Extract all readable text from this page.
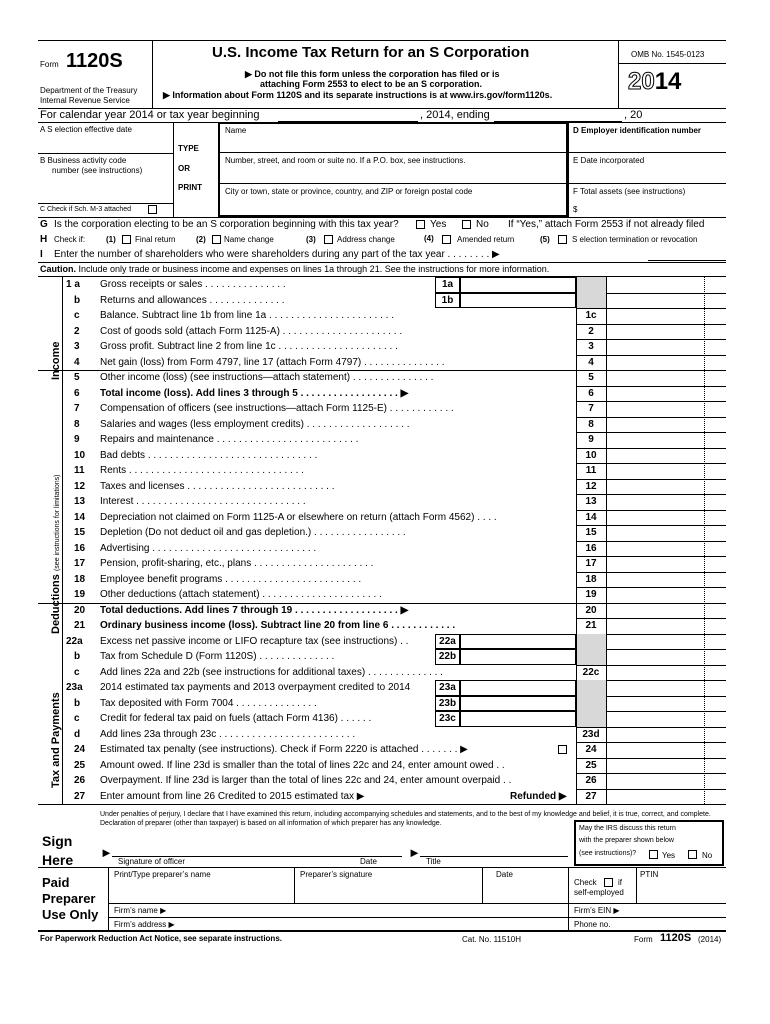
Form 1120S
Department of the Treasury
Internal Revenue Service
U.S. Income Tax Return for an S Corporation
▶ Do not file this form unless the corporation has filed or is
attaching Form 2553 to elect to be an S corporation.
▶ Information about Form 1120S and its separate instructions is at www.irs.gov/form1120s.
OMB No. 1545-0123
2014
For calendar year 2014 or tax year beginning	, 2014, ending	, 20
A S election effective date
B Business activity code
number (see instructions)
C Check if Sch. M-3 attached
TYPE
OR
PRINT
Name
Number, street, and room or suite no. If a P.O. box, see instructions.
City or town, state or province, country, and ZIP or foreign postal code
D Employer identification number
E Date incorporated
F Total assets (see instructions)
$
G Is the corporation electing to be an S corporation beginning with this tax year?	Yes	No If “Yes,” attach Form 2553 if not already filed
H Check if:	(1) Final return	(2) Name change	(3)	Address change	(4)	Amended return	(5)	S election termination or revocation
I Enter the number of shareholders who were shareholders during any part of the tax year . . . . . . . . ▶
Caution. Include only trade or business income and expenses on lines 1a through 21. See the instructions for more information.
1 a Gross receipts or sales . . . . . . . . . . . . . . .	1a
b Returns and allowances . . . . . . . . . . . . . .	1b
c Balance. Subtract line 1b from line 1a . . . . . . . . . . . . . . . . . . . . . . .	1c
2 Cost of goods sold (attach Form 1125-A) . . . . . . . . . . . . . . . . . . . . . .	2
3 Gross profit. Subtract line 2 from line 1c . . . . . . . . . . . . . . . . . . . . . .	3
4 Net gain (loss) from Form 4797, line 17 (attach Form 4797) . . . . . . . . . . . . . . .	4
5 Other income (loss) (see instructions—attach statement) . . . . . . . . . . . . . . .	5
6 Total income (loss). Add lines 3 through 5 . . . . . . . . . . . . . . . . . . ▶	6
7 Compensation of officers (see instructions—attach Form 1125-E) . . . . . . . . . . . .	7
8 Salaries and wages (less employment credits) . . . . . . . . . . . . . . . . . . .	8
9 Repairs and maintenance . . . . . . . . . . . . . . . . . . . . . . . . . .	9
10 Bad debts . . . . . . . . . . . . . . . . . . . . . . . . . . . . . . .	10
11 Rents . . . . . . . . . . . . . . . . . . . . . . . . . . . . . . . .	11
12 Taxes and licenses . . . . . . . . . . . . . . . . . . . . . . . . . . .	12
13 Interest . . . . . . . . . . . . . . . . . . . . . . . . . . . . . . .	13
14 Depreciation not claimed on Form 1125-A or elsewhere on return (attach Form 4562) . . . .	14
15 Depletion (Do not deduct oil and gas depletion.) . . . . . . . . . . . . . . . . .	15
16 Advertising . . . . . . . . . . . . . . . . . . . . . . . . . . . . . .	16
17 Pension, profit-sharing, etc., plans . . . . . . . . . . . . . . . . . . . . . .	17
18 Employee benefit programs . . . . . . . . . . . . . . . . . . . . . . . . .	18
19 Other deductions (attach statement) . . . . . . . . . . . . . . . . . . . . . .	19
20 Total deductions. Add lines 7 through 19 . . . . . . . . . . . . . . . . . . . ▶	20
21 Ordinary business income (loss). Subtract line 20 from line 6 . . . . . . . . . . . .	21
22a Excess net passive income or LIFO recapture tax (see instructions) . .	22a
b Tax from Schedule D (Form 1120S) . . . . . . . . . . . . . .	22b
c Add lines 22a and 22b (see instructions for additional taxes) . . . . . . . . . . . . . .	22c
23a 2014 estimated tax payments and 2013 overpayment credited to 2014	23a
b Tax deposited with Form 7004 . . . . . . . . . . . . . . .	23b
c Credit for federal tax paid on fuels (attach Form 4136) . . . . . .	23c
d Add lines 23a through 23c . . . . . . . . . . . . . . . . . . . . . . . . .	23d
24 Estimated tax penalty (see instructions). Check if Form 2220 is attached . . . . . . . ▶	24
25 Amount owed. If line 23d is smaller than the total of lines 22c and 24, enter amount owed . .	25
26 Overpayment. If line 23d is larger than the total of lines 22c and 24, enter amount overpaid . .	26
27 Enter amount from line 26 Credited to 2015 estimated tax ▶	27
Refunded ▶
Income
Deductions (see instructions for limitations)
Tax and Payments
Under penalties of perjury, I declare that I have examined this return, including accompanying schedules and statements, and to the best of my knowledge and belief, it is true, correct, and complete. Declaration of preparer (other than taxpayer) is based on all information of which preparer has any knowledge.
Sign
Here ►	►
Signature of officer	Date	Title
May the IRS discuss this return
with the preparer shown below
(see instructions)?	Yes	No
Paid
Preparer
Use Only
Print/Type preparer’s name	Preparer’s signature	Date
Check	if
self-employed
PTIN
Firm’s name ▶	Firm’s EIN ▶
Firm’s address ▶	Phone no.
For Paperwork Reduction Act Notice, see separate instructions.	Cat. No. 11510H	Form 1120S (2014)
